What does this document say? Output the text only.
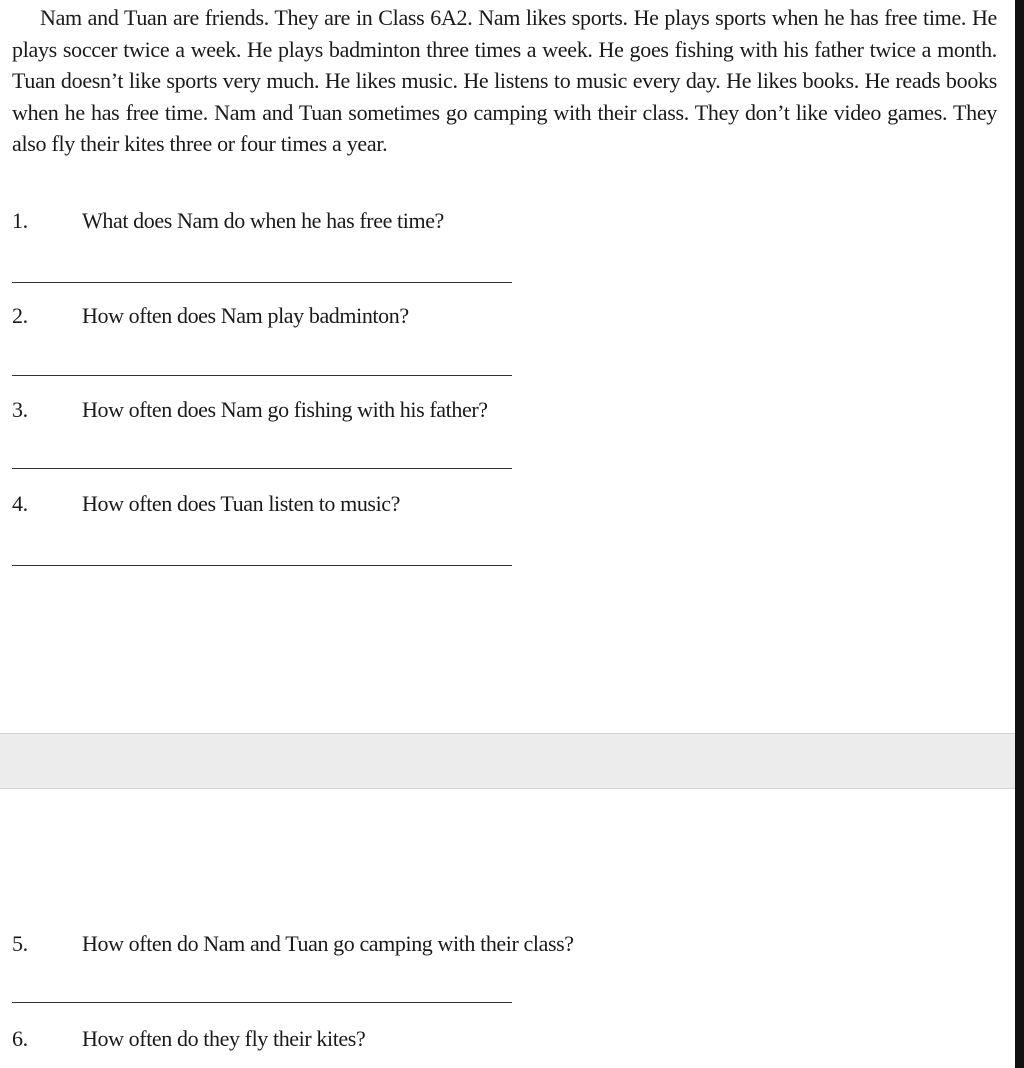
Nam and Tuan are friends. They are in Class 6A2. Nam likes sports. He plays sports when he has free time. He plays soccer twice a week. He plays badminton three times a week. He goes fishing with his father twice a month. Tuan doesn’t like sports very much. He likes music. He listens to music every day. He likes books. He reads books when he has free time. Nam and Tuan sometimes go camping with their class. They don’t like video games. They also fly their kites three or four times a year.

1. What does Nam do when he has free time?
2. How often does Nam play badminton?
3. How often does Nam go fishing with his father?
4. How often does Tuan listen to music?
5. How often do Nam and Tuan go camping with their class?
6. How often do they fly their kites?
